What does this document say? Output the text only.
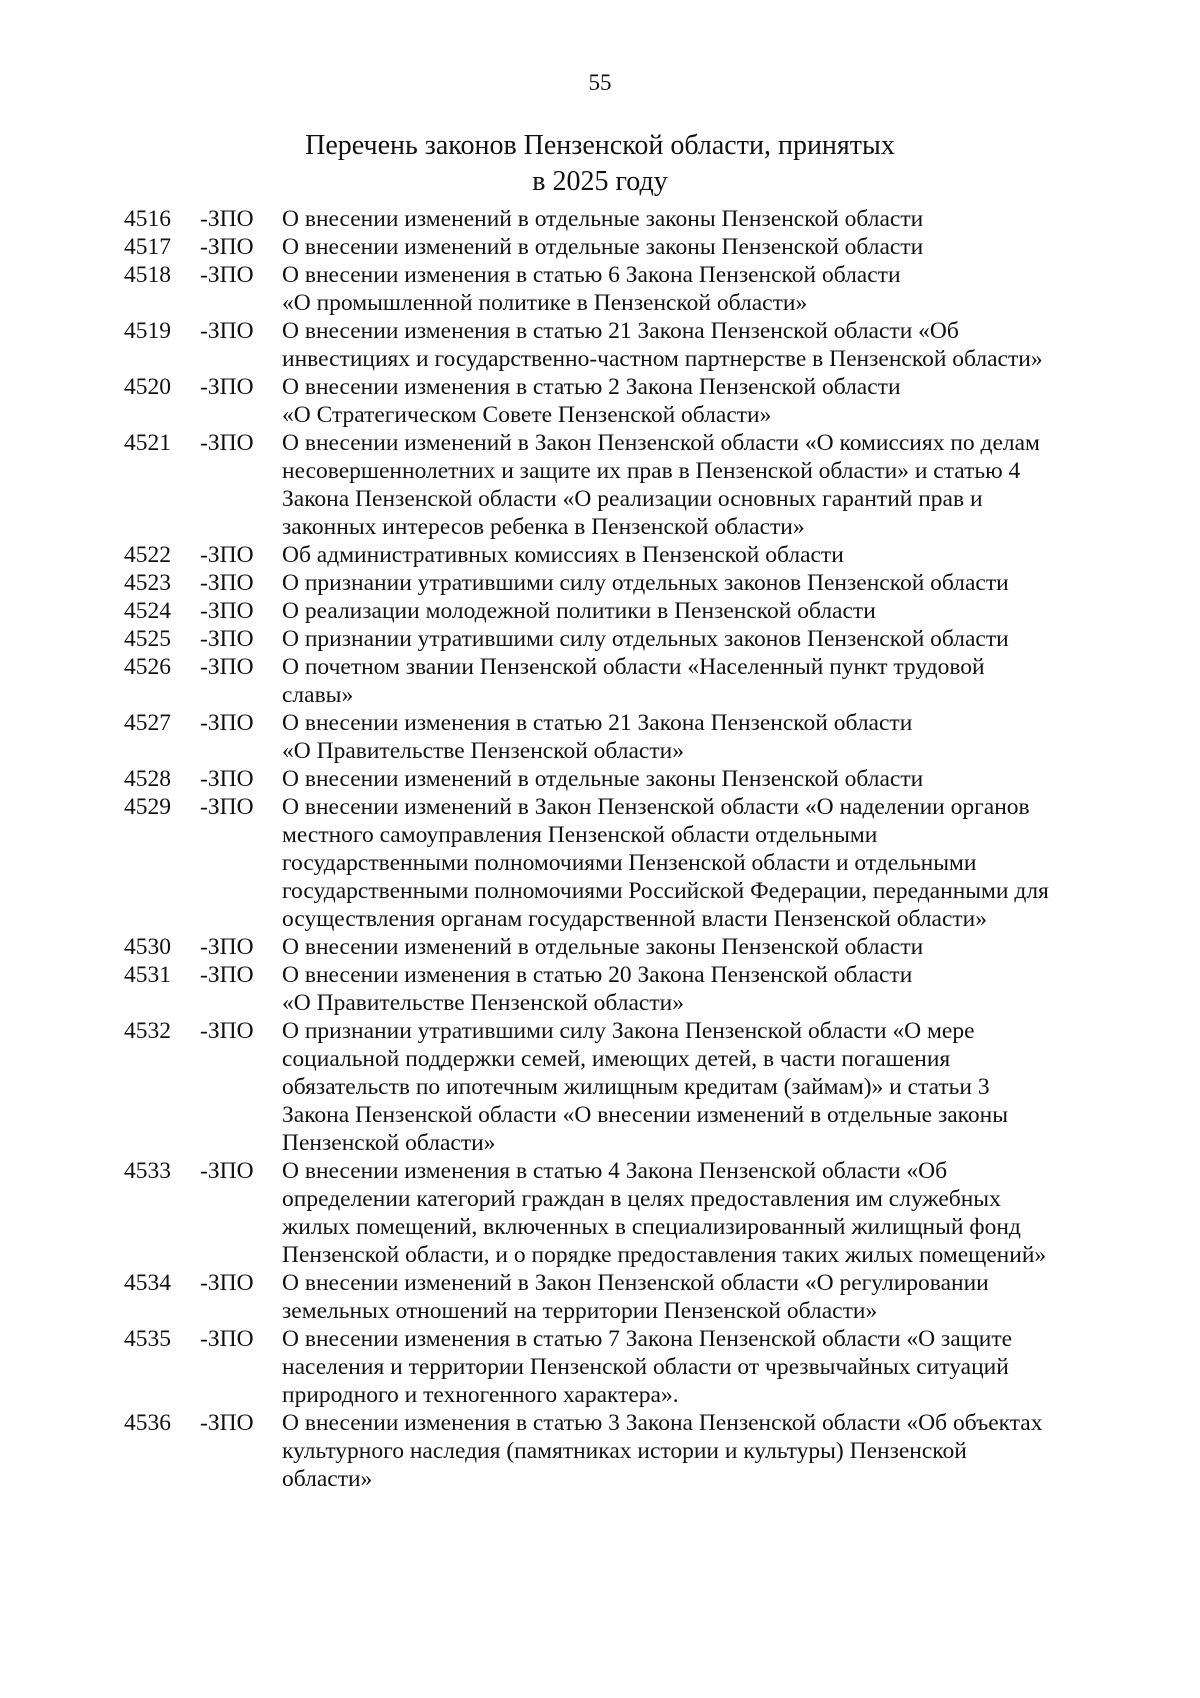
55
Перечень законов Пензенской области, принятых
в 2025 году
4516	-ЗПО	О внесении изменений в отдельные законы Пензенской области
4517	-ЗПО	О внесении изменений в отдельные законы Пензенской области
4518	-ЗПО	О внесении изменения в статью 6 Закона Пензенской области
«О промышленной политике в Пензенской области»
4519	-ЗПО	О внесении изменения в статью 21 Закона Пензенской области «Об
инвестициях и государственно-частном партнерстве в Пензенской области»
4520	-ЗПО	О внесении изменения в статью 2 Закона Пензенской области
«О Стратегическом Совете Пензенской области»
4521	-ЗПО	О внесении изменений в Закон Пензенской области «О комиссиях по делам
несовершеннолетних и защите их прав в Пензенской области» и статью 4
Закона Пензенской области «О реализации основных гарантий прав и
законных интересов ребенка в Пензенской области»
4522	-ЗПО	Об административных комиссиях в Пензенской области
4523	-ЗПО	О признании утратившими силу отдельных законов Пензенской области
4524	-ЗПО	О реализации молодежной политики в Пензенской области
4525	-ЗПО	О признании утратившими силу отдельных законов Пензенской области
4526	-ЗПО	О почетном звании Пензенской области «Населенный пункт трудовой
славы»
4527	-ЗПО	О внесении изменения в статью 21 Закона Пензенской области
«О Правительстве Пензенской области»
4528	-ЗПО	О внесении изменений в отдельные законы Пензенской области
4529	-ЗПО	О внесении изменений в Закон Пензенской области «О наделении органов
местного самоуправления Пензенской области отдельными
государственными полномочиями Пензенской области и отдельными
государственными полномочиями Российской Федерации, переданными для
осуществления органам государственной власти Пензенской области»
4530	-ЗПО	О внесении изменений в отдельные законы Пензенской области
4531	-ЗПО	О внесении изменения в статью 20 Закона Пензенской области
«О Правительстве Пензенской области»
4532	-ЗПО	О признании утратившими силу Закона Пензенской области «О мере
социальной поддержки семей, имеющих детей, в части погашения
обязательств по ипотечным жилищным кредитам (займам)» и статьи 3
Закона Пензенской области «О внесении изменений в отдельные законы
Пензенской области»
4533	-ЗПО	О внесении изменения в статью 4 Закона Пензенской области «Об
определении категорий граждан в целях предоставления им служебных
жилых помещений, включенных в специализированный жилищный фонд
Пензенской области, и о порядке предоставления таких жилых помещений»
4534	-ЗПО	О внесении изменений в Закон Пензенской области «О регулировании
земельных отношений на территории Пензенской области»
4535	-ЗПО	О внесении изменения в статью 7 Закона Пензенской области «О защите
населения и территории Пензенской области от чрезвычайных ситуаций
природного и техногенного характера».
4536	-ЗПО	О внесении изменения в статью 3 Закона Пензенской области «Об объектах
культурного наследия (памятниках истории и культуры) Пензенской
области»
